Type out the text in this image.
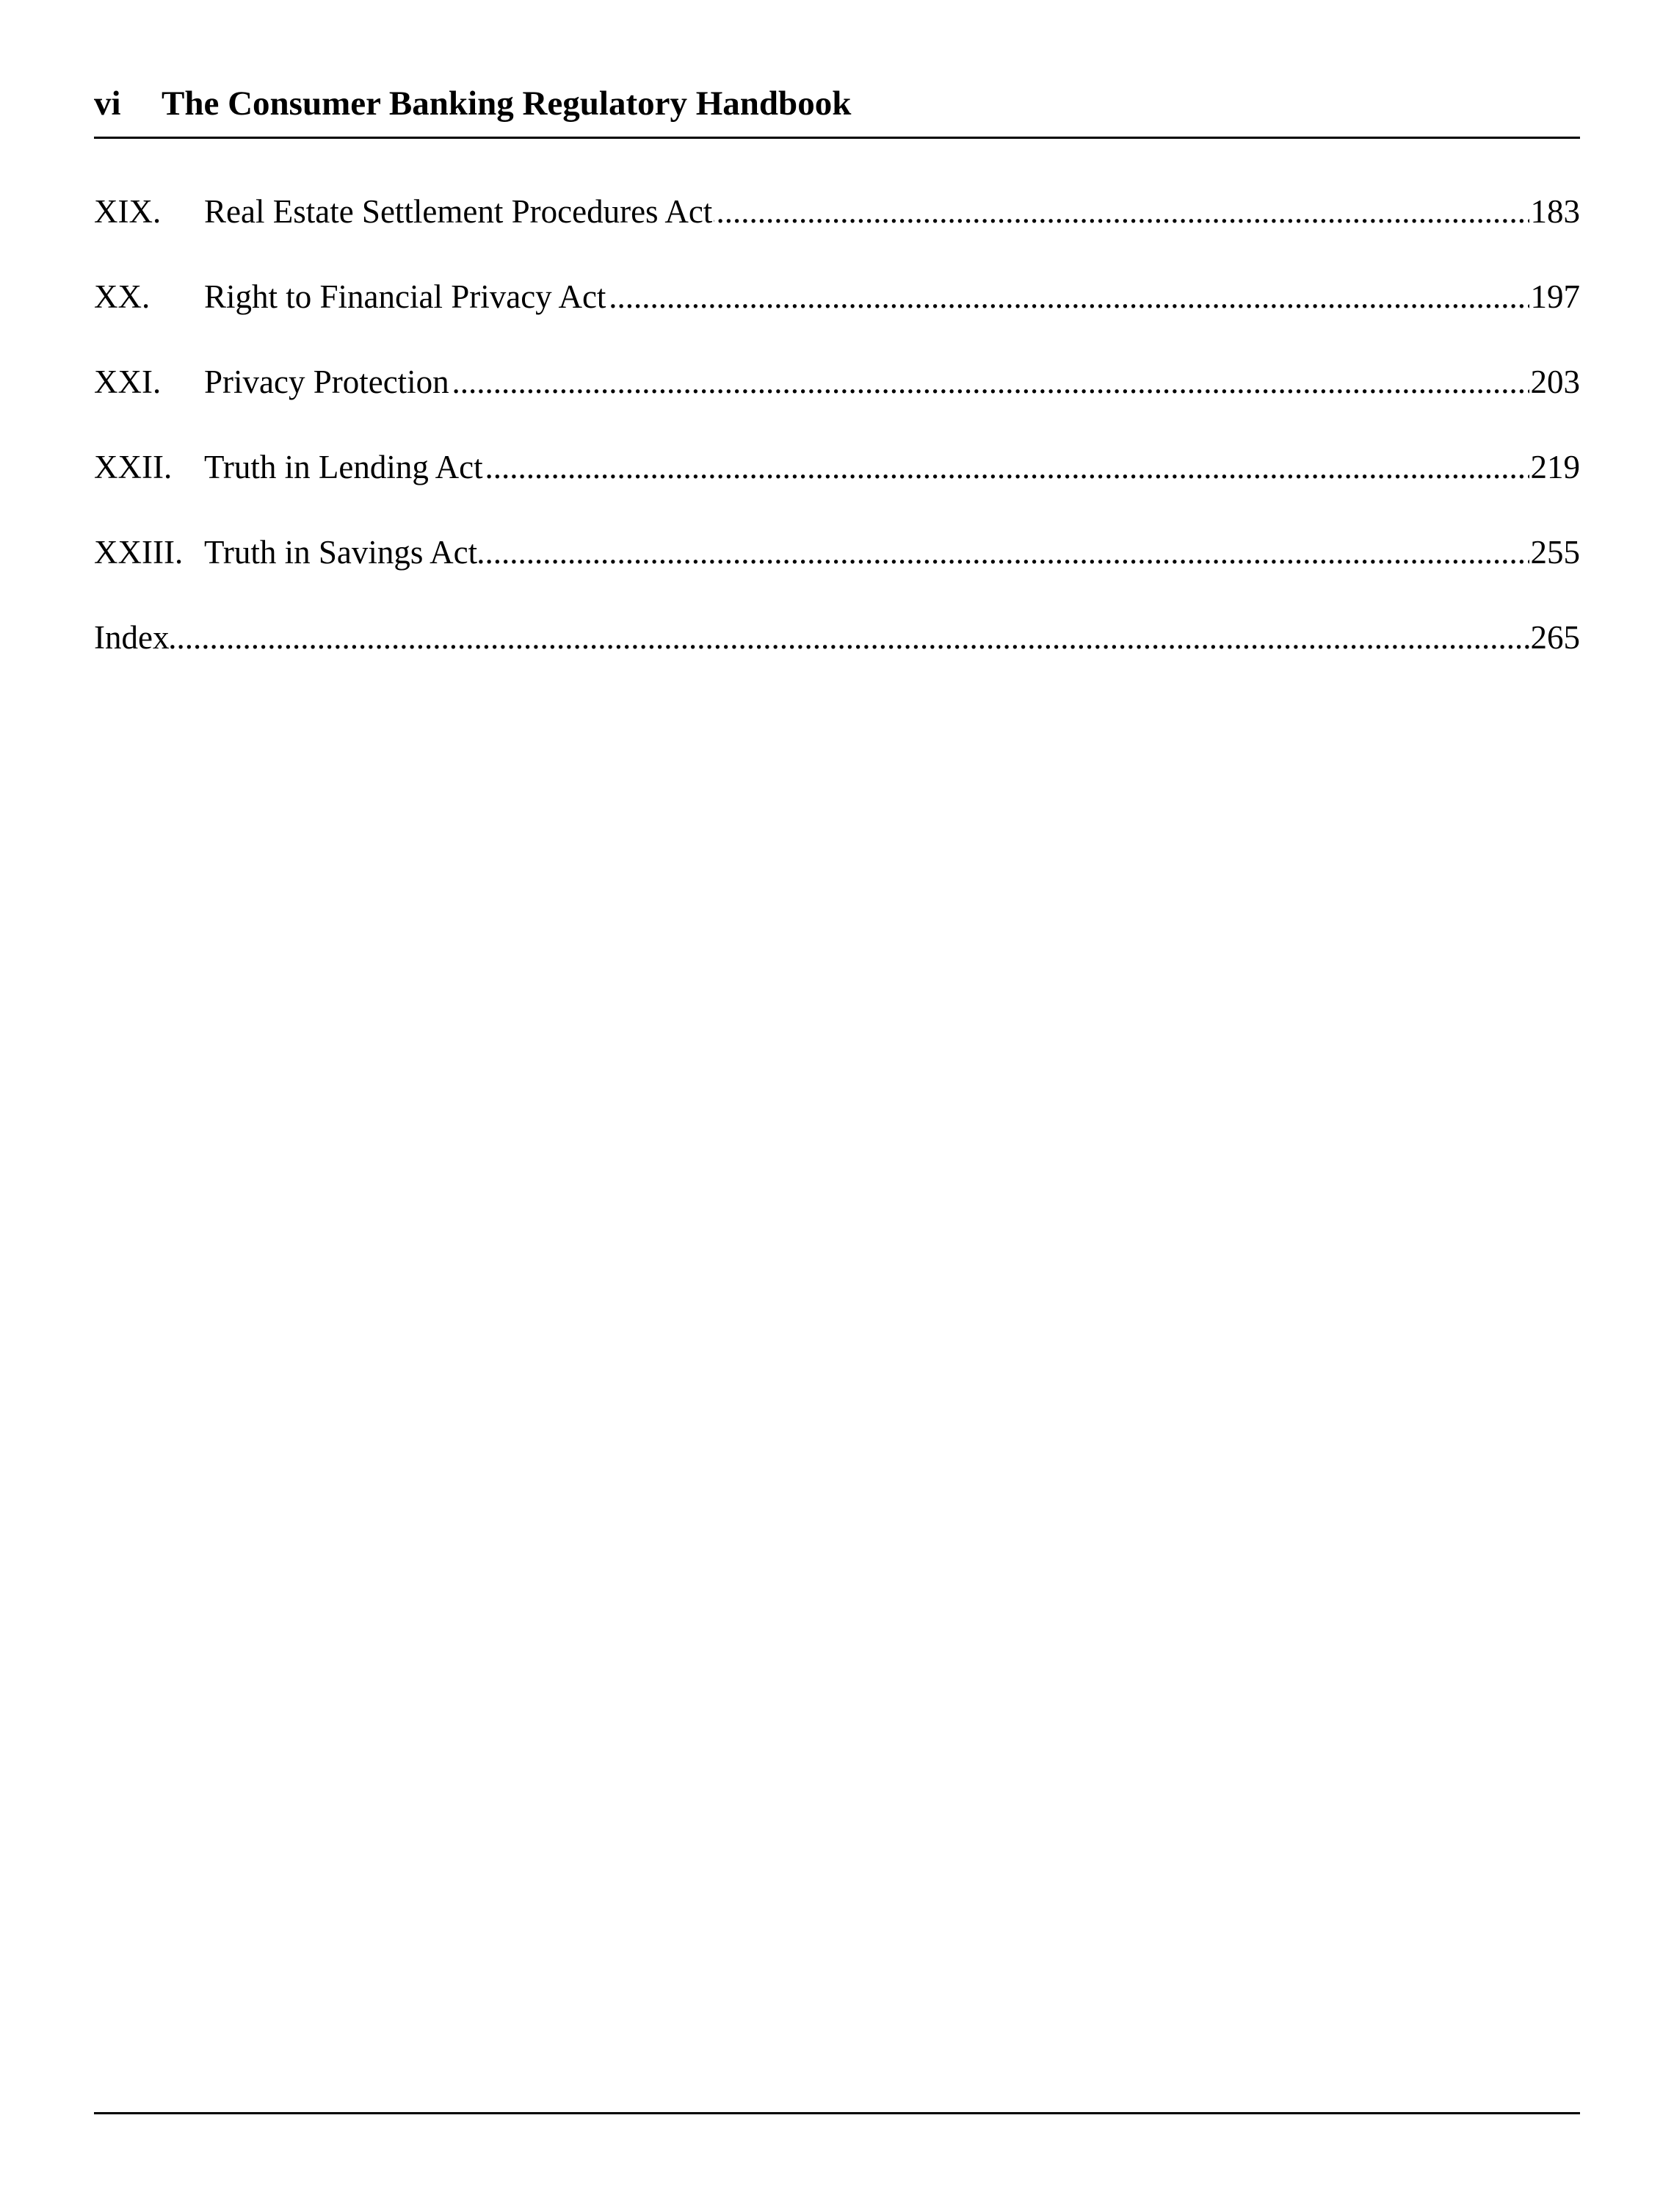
vi	The Consumer Banking Regulatory Handbook
XIX.	Real Estate Settlement Procedures Act .....	183
XX.	Right to Financial Privacy Act .....	197
XXI.	Privacy Protection .....	203
XXII. Truth in Lending Act .....	219
XXIII. Truth in Savings Act .....	255
Index .....	265
